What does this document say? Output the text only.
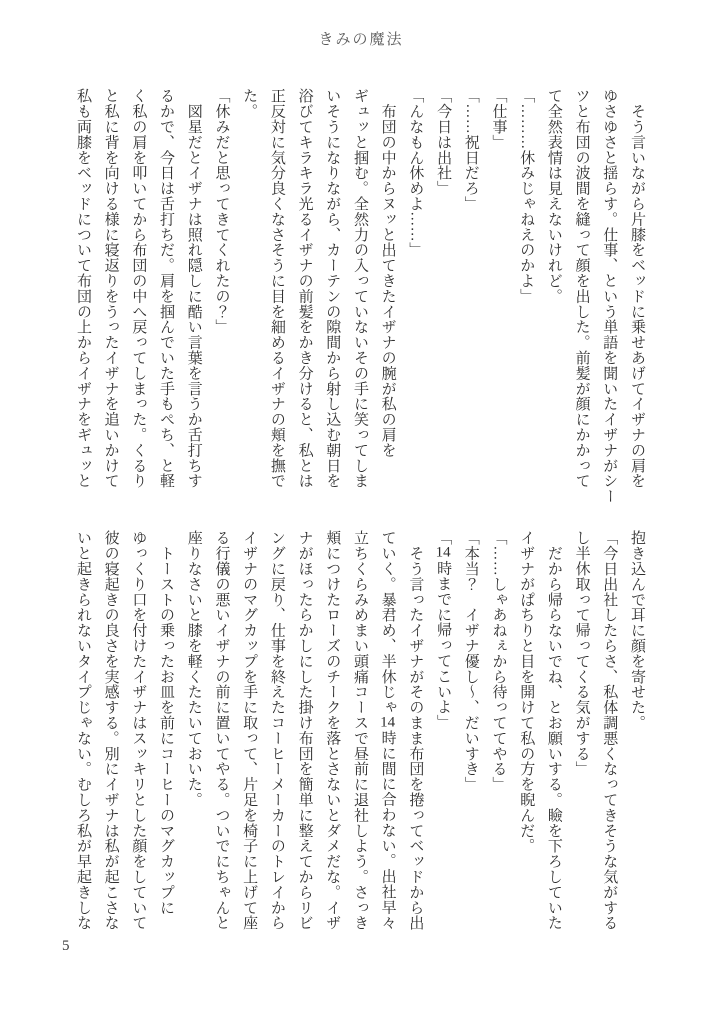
きみの魔法
　そう言いながら片膝をベッドに乗せあげてイザナの肩を
ゆさゆさと揺らす。仕事、という単語を聞いたイザナがシー
ツと布団の波間を縫って顔を出した。前髪が顔にかかって
て全然表情は見えないけれど。
「………休みじゃねえのかよ」
「仕事」
「……祝日だろ」
「今日は出社」
「んなもん休めよ……」
　布団の中からヌッと出てきたイザナの腕が私の肩を
ギュッと掴む。全然力の入っていないその手に笑ってしま
いそうになりながら、カーテンの隙間から射し込む朝日を
浴びてキラキラ光るイザナの前髪をかき分けると、私とは
正反対に気分良くなさそうに目を細めるイザナの頬を撫で
た。
「休みだと思ってきてくれたの？」
　図星だとイザナは照れ隠しに酷い言葉を言うか舌打ちす
るかで、今日は舌打ちだ。肩を掴んでいた手もぺち、と軽
く私の肩を叩いてから布団の中へ戻ってしまった。くるり
と私に背を向ける様に寝返りをうったイザナを追いかけて
私も両膝をベッドについて布団の上からイザナをギュッと
抱き込んで耳に顔を寄せた。
「今日出社したらさ、私体調悪くなってきそうな気がする
し半休取って帰ってくる気がする」
　だから帰らないでね、とお願いする。瞼を下ろしていた
イザナがぱちりと目を開けて私の方を睨んだ。
「……しゃあねぇから待っててやる」
「本当？　イザナ優し〜、だいすき」
「14時までに帰ってこいよ」
　そう言ったイザナがそのまま布団を捲ってベッドから出
ていく。暴君め、半休じゃ14時に間に合わない。出社早々
立ちくらみめまい頭痛コースで昼前に退社しよう。さっき
頬につけたローズのチークを落とさないとダメだな。イザ
ナがほったらかしにした掛け布団を簡単に整えてからリビ
ングに戻り、仕事を終えたコーヒーメーカーのトレイから
イザナのマグカップを手に取って、片足を椅子に上げて座
る行儀の悪いイザナの前に置いてやる。ついでにちゃんと
座りなさいと膝を軽くたたいておいた。
　トーストの乗ったお皿を前にコーヒーのマグカップに
ゆっくり口を付けたイザナはスッキリとした顔をしていて
彼の寝起きの良さを実感する。別にイザナは私が起こさな
いと起きられないタイプじゃない。むしろ私が早起きしな
5
